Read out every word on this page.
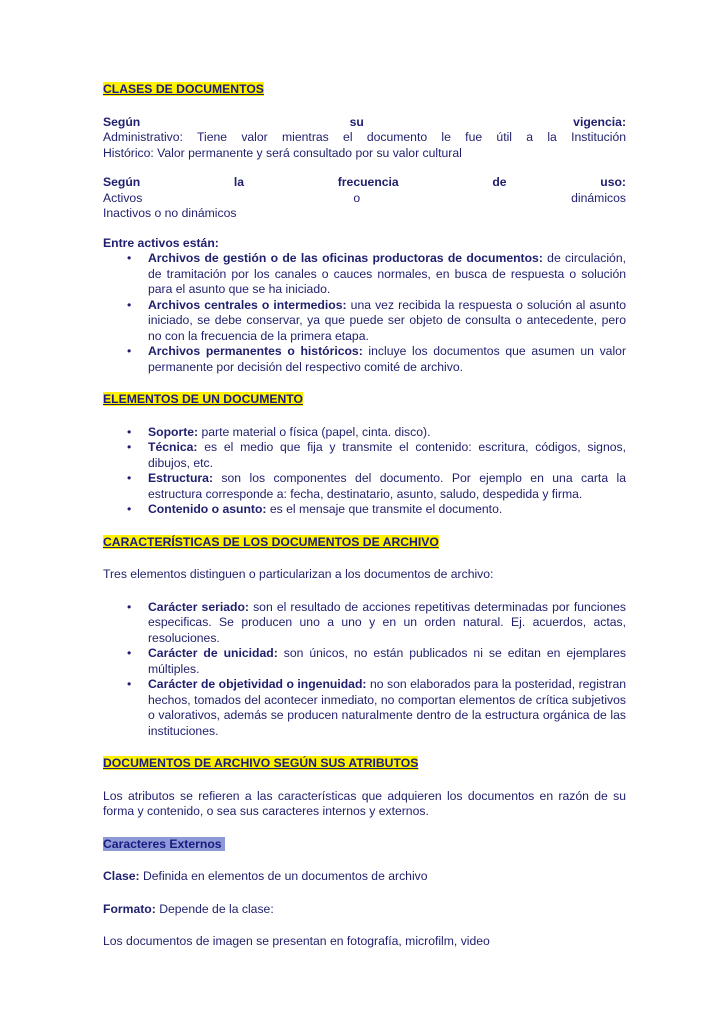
CLASES DE DOCUMENTOS

Según	su	vigencia:
Administrativo: Tiene valor mientras el documento le fue útil a la Institución

Histórico: Valor permanente y será consultado por su valor cultural

Según	la	frecuencia	de	uso:
Activos	o	dinámicos

Inactivos o no dinámicos

Entre activos están:

• Archivos de gestión o de las oficinas productoras de documentos: de circulación, de tramitación por los canales o cauces normales, en busca de respuesta o solución para el asunto que se ha iniciado.
• Archivos centrales o intermedios: una vez recibida la respuesta o solución al asunto iniciado, se debe conservar, ya que puede ser objeto de consulta o antecedente, pero no con la frecuencia de la primera etapa.
• Archivos permanentes o históricos: incluye los documentos que asumen un valor permanente por decisión del respectivo comité de archivo.

ELEMENTOS DE UN DOCUMENTO

• Soporte: parte material o física (papel, cinta. disco).
• Técnica: es el medio que fija y transmite el contenido: escritura, códigos, signos, dibujos, etc.
• Estructura: son los componentes del documento. Por ejemplo en una carta la estructura corresponde a: fecha, destinatario, asunto, saludo, despedida y firma.
• Contenido o asunto: es el mensaje que transmite el documento.

CARACTERÍSTICAS DE LOS DOCUMENTOS DE ARCHIVO

Tres elementos distinguen o particularizan a los documentos de archivo:

• Carácter seriado: son el resultado de acciones repetitivas determinadas por funciones especificas. Se producen uno a uno y en un orden natural. Ej. acuerdos, actas, resoluciones.
• Carácter de unicidad: son únicos, no están publicados ni se editan en ejemplares múltiples.
• Carácter de objetividad o ingenuidad: no son elaborados para la posteridad, registran hechos, tomados del acontecer inmediato, no comportan elementos de crítica subjetivos o valorativos, además se producen naturalmente dentro de la estructura orgánica de las instituciones.

DOCUMENTOS DE ARCHIVO SEGÚN SUS ATRIBUTOS

Los atributos se refieren a las características que adquieren los documentos en razón de su forma y contenido, o sea sus caracteres internos y externos.

Caracteres Externos

Clase: Definida en elementos de un documentos de archivo

Formato: Depende de la clase:

Los documentos de imagen se presentan en fotografía, microfilm, video
